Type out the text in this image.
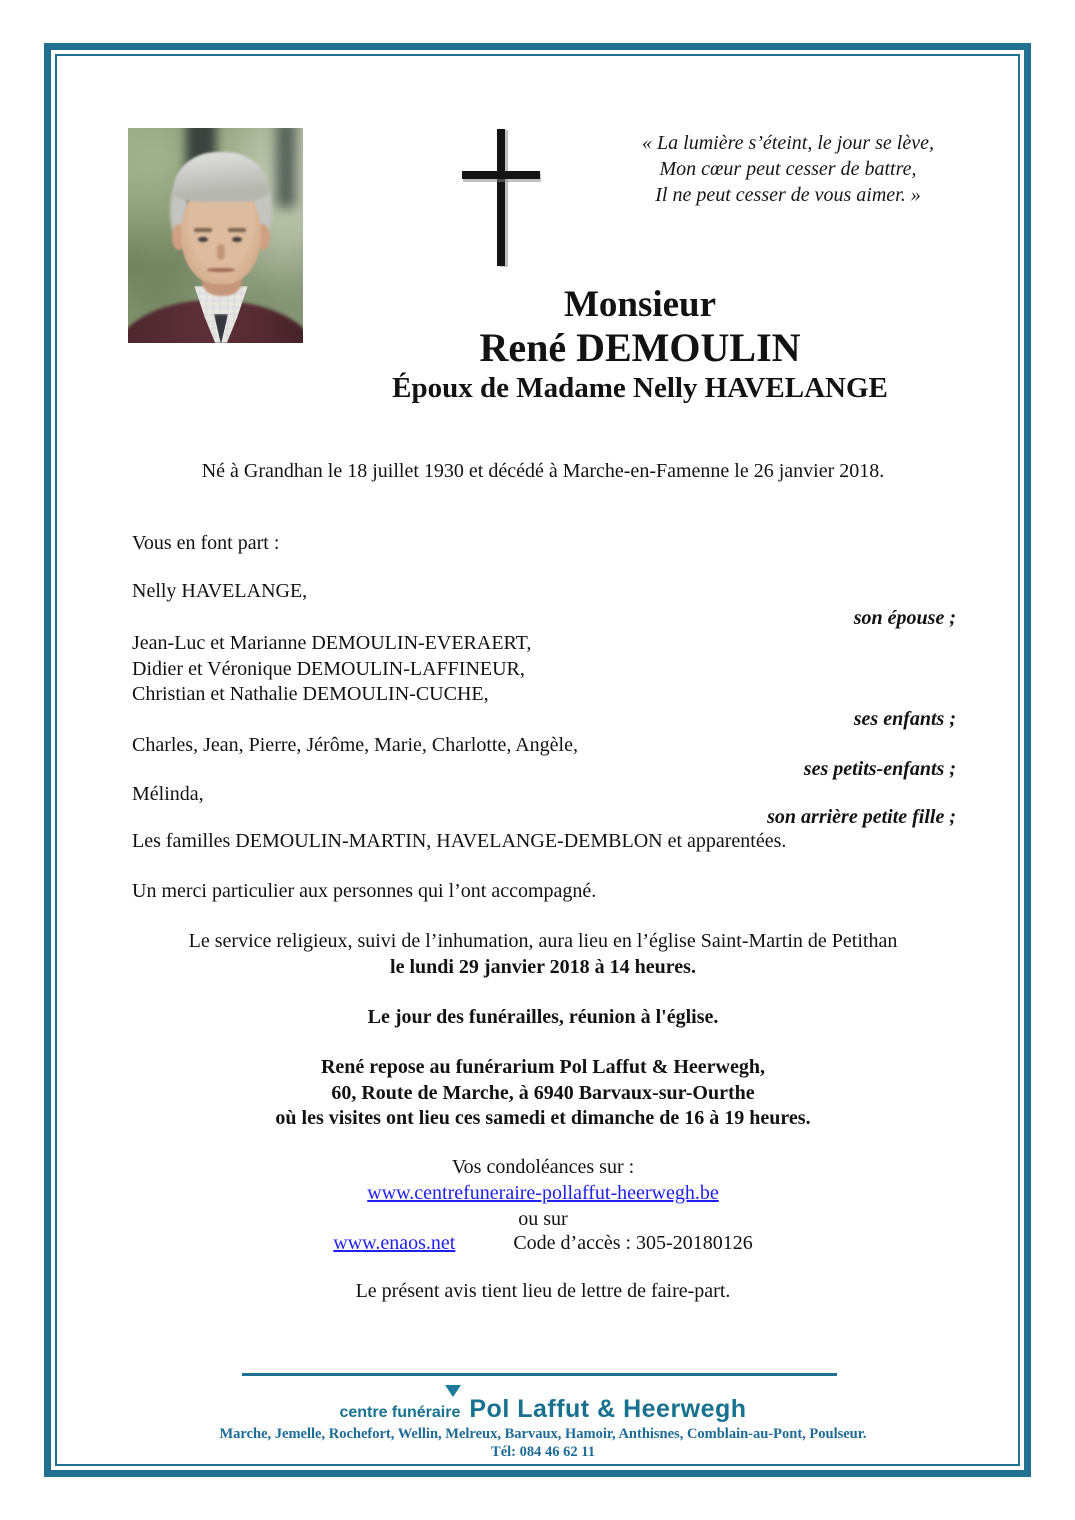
« La lumière s’éteint, le jour se lève,
Mon cœur peut cesser de battre,
Il ne peut cesser de vous aimer. »
Monsieur
René DEMOULIN
Époux de Madame Nelly HAVELANGE
Né à Grandhan le 18 juillet 1930 et décédé à Marche-en-Famenne le 26 janvier 2018.
Vous en font part :
Nelly HAVELANGE,
son épouse ;
Jean-Luc et Marianne DEMOULIN-EVERAERT,
Didier et Véronique DEMOULIN-LAFFINEUR,
Christian et Nathalie DEMOULIN-CUCHE,
ses enfants ;
Charles, Jean, Pierre, Jérôme, Marie, Charlotte, Angèle,
ses petits-enfants ;
Mélinda,
son arrière petite fille ;
Les familles DEMOULIN-MARTIN, HAVELANGE-DEMBLON et apparentées.
Un merci particulier aux personnes qui l’ont accompagné.
Le service religieux, suivi de l’inhumation, aura lieu en l’église Saint-Martin de Petithan
le lundi 29 janvier 2018 à 14 heures.
Le jour des funérailles, réunion à l'église.
René repose au funérarium Pol Laffut & Heerwegh,
60, Route de Marche, à 6940 Barvaux-sur-Ourthe
où les visites ont lieu ces samedi et dimanche de 16 à 19 heures.
Vos condoléances sur :
www.centrefuneraire-pollaffut-heerwegh.be
ou sur
www.enaos.net	Code d’accès : 305-20180126
Le présent avis tient lieu de lettre de faire-part.
centre funéraire Pol Laffut & Heerwegh
Marche, Jemelle, Rochefort, Wellin, Melreux, Barvaux, Hamoir, Anthisnes, Comblain-au-Pont, Poulseur.
Tél: 084 46 62 11
